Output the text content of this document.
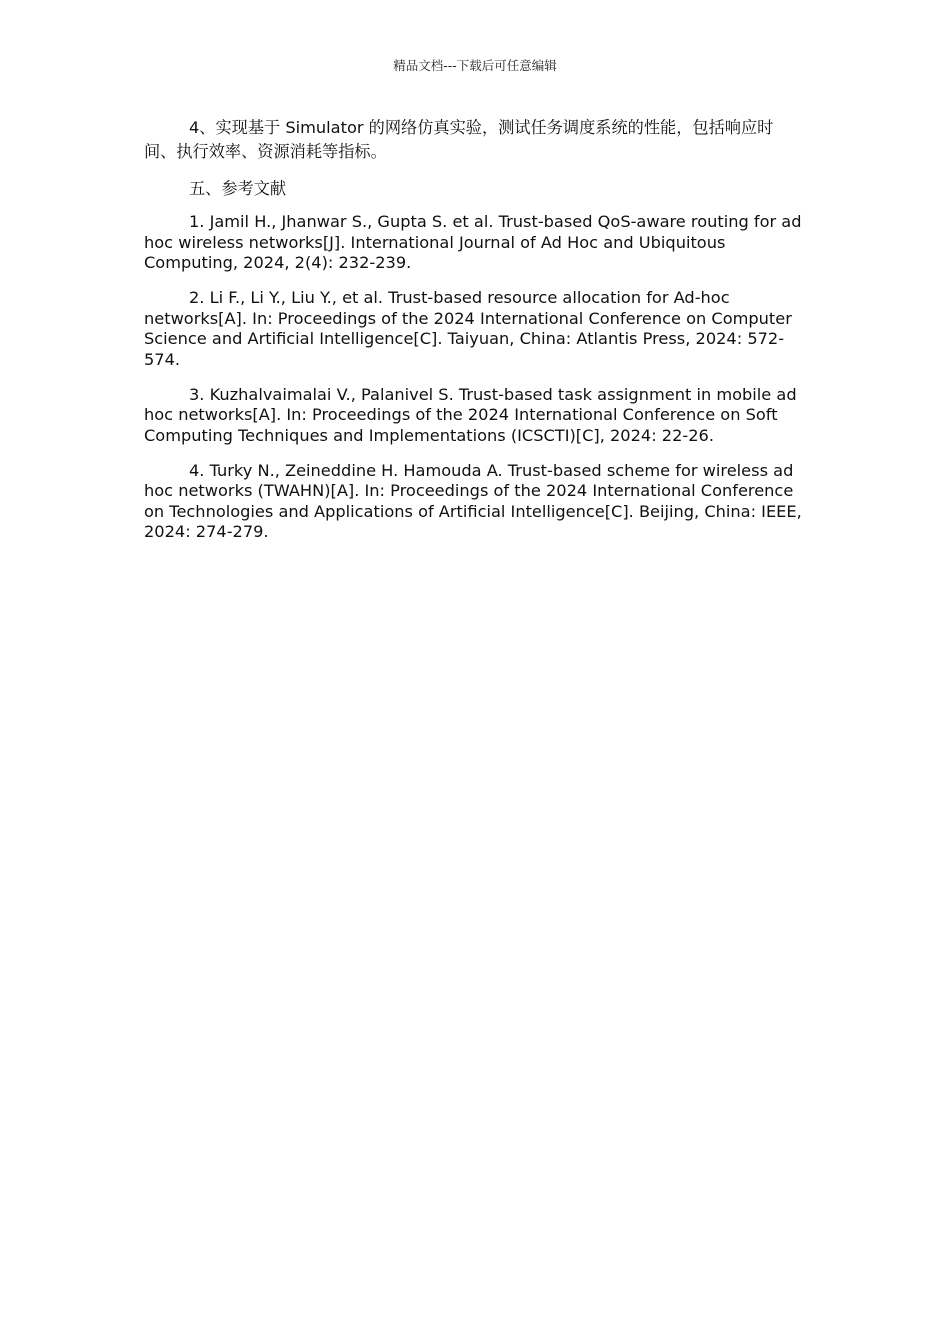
精品文档---下载后可任意编辑

4、实现基于 Simulator 的网络仿真实验，测试任务调度系统的性能，包括响应时间、执行效率、资源消耗等指标。

五、参考文献

1. Jamil H., Jhanwar S., Gupta S. et al. Trust-based QoS-aware routing for ad hoc wireless networks[J]. International Journal of Ad Hoc and Ubiquitous Computing, 2024, 2(4): 232-239.

2. Li F., Li Y., Liu Y., et al. Trust-based resource allocation for Ad-hoc networks[A]. In: Proceedings of the 2024 International Conference on Computer Science and Artificial Intelligence[C]. Taiyuan, China: Atlantis Press, 2024: 572-574.

3. Kuzhalvaimalai V., Palanivel S. Trust-based task assignment in mobile ad hoc networks[A]. In: Proceedings of the 2024 International Conference on Soft Computing Techniques and Implementations (ICSCTI)[C], 2024: 22-26.

4. Turky N., Zeineddine H. Hamouda A. Trust-based scheme for wireless ad hoc networks (TWAHN)[A]. In: Proceedings of the 2024 International Conference on Technologies and Applications of Artificial Intelligence[C]. Beijing, China: IEEE, 2024: 274-279.
